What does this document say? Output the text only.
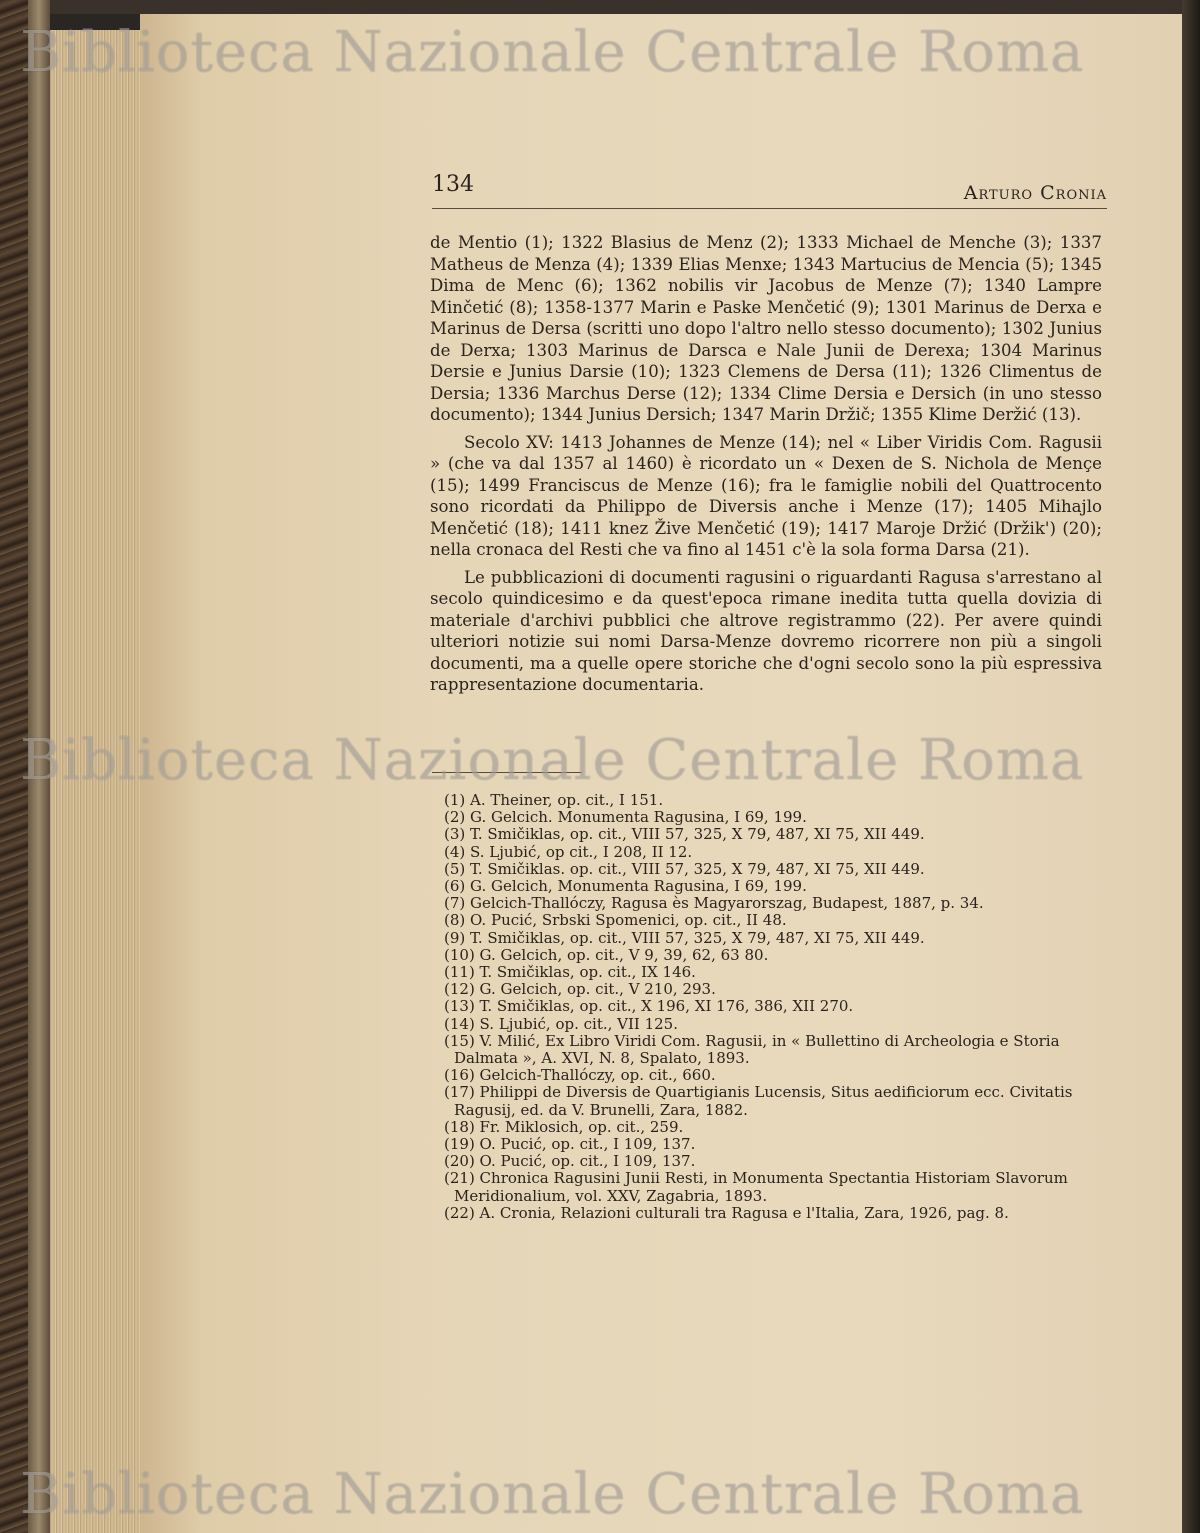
134	Arturo Cronia

de Mentio (1); 1322 Blasius de Menz (2); 1333 Michael de Menche (3); 1337 Matheus de Menza (4); 1339 Elias Menxe; 1343 Martucius de Mencia (5); 1345 Dima de Menc (6); 1362 nobilis vir Jacobus de Menze (7); 1340 Lampre Minčetić (8); 1358-1377 Marin e Paske Menčetić (9); 1301 Marinus de Derxa e Marinus de Dersa (scritti uno dopo l'altro nello stesso documento); 1302 Junius de Derxa; 1303 Marinus de Darsca e Nale Junii de Derexa; 1304 Marinus Dersie e Junius Darsie (10); 1323 Clemens de Dersa (11); 1326 Climentus de Dersia; 1336 Marchus Derse (12); 1334 Clime Dersia e Dersich (in uno stesso documento); 1344 Junius Dersich; 1347 Marin Držič; 1355 Klime Deržić (13).

Secolo XV: 1413 Johannes de Menze (14); nel « Liber Viridis Com. Ragusii » (che va dal 1357 al 1460) è ricordato un « Dexen de S. Nichola de Mençe (15); 1499 Franciscus de Menze (16); fra le famiglie nobili del Quattrocento sono ricordati da Philippo de Diversis anche i Menze (17); 1405 Mihajlo Menčetić (18); 1411 knez Žive Menčetić (19); 1417 Maroje Držić (Držik') (20); nella cronaca del Resti che va fino al 1451 c'è la sola forma Darsa (21).

Le pubblicazioni di documenti ragusini o riguardanti Ragusa s'arrestano al secolo quindicesimo e da quest'epoca rimane inedita tutta quella dovizia di materiale d'archivi pubblici che altrove registrammo (22). Per avere quindi ulteriori notizie sui nomi Darsa-Menze dovremo ricorrere non più a singoli documenti, ma a quelle opere storiche che d'ogni secolo sono la più espressiva rappresentazione documentaria.

(1) A. Theiner, op. cit., I 151.

(2) G. Gelcich. Monumenta Ragusina, I 69, 199.

(3) T. Smičiklas, op. cit., VIII 57, 325, X 79, 487, XI 75, XII 449.

(4) S. Ljubić, op cit., I 208, II 12.

(5) T. Smičiklas. op. cit., VIII 57, 325, X 79, 487, XI 75, XII 449.

(6) G. Gelcich, Monumenta Ragusina, I 69, 199.

(7) Gelcich-Thallóczy, Ragusa ès Magyarorszag, Budapest, 1887, p. 34.

(8) O. Pucić, Srbski Spomenici, op. cit., II 48.

(9) T. Smičiklas, op. cit., VIII 57, 325, X 79, 487, XI 75, XII 449.

(10) G. Gelcich, op. cit., V 9, 39, 62, 63 80.

(11) T. Smičiklas, op. cit., IX 146.

(12) G. Gelcich, op. cit., V 210, 293.

(13) T. Smičiklas, op. cit., X 196, XI 176, 386, XII 270.

(14) S. Ljubić, op. cit., VII 125.

(15) V. Milić, Ex Libro Viridi Com. Ragusii, in « Bullettino di Archeologia e Storia Dalmata », A. XVI, N. 8, Spalato, 1893.

(16) Gelcich-Thallóczy, op. cit., 660.

(17) Philippi de Diversis de Quartigianis Lucensis, Situs aedificiorum ecc. Civitatis Ragusij, ed. da V. Brunelli, Zara, 1882.

(18) Fr. Miklosich, op. cit., 259.

(19) O. Pucić, op. cit., I 109, 137.

(20) O. Pucić, op. cit., I 109, 137.

(21) Chronica Ragusini Junii Resti, in Monumenta Spectantia Historiam Slavorum Meridionalium, vol. XXV, Zagabria, 1893.

(22) A. Cronia, Relazioni culturali tra Ragusa e l'Italia, Zara, 1926, pag. 8.

Biblioteca Nazionale Centrale Roma
Biblioteca Nazionale Centrale Roma
Biblioteca Nazionale Centrale Roma
